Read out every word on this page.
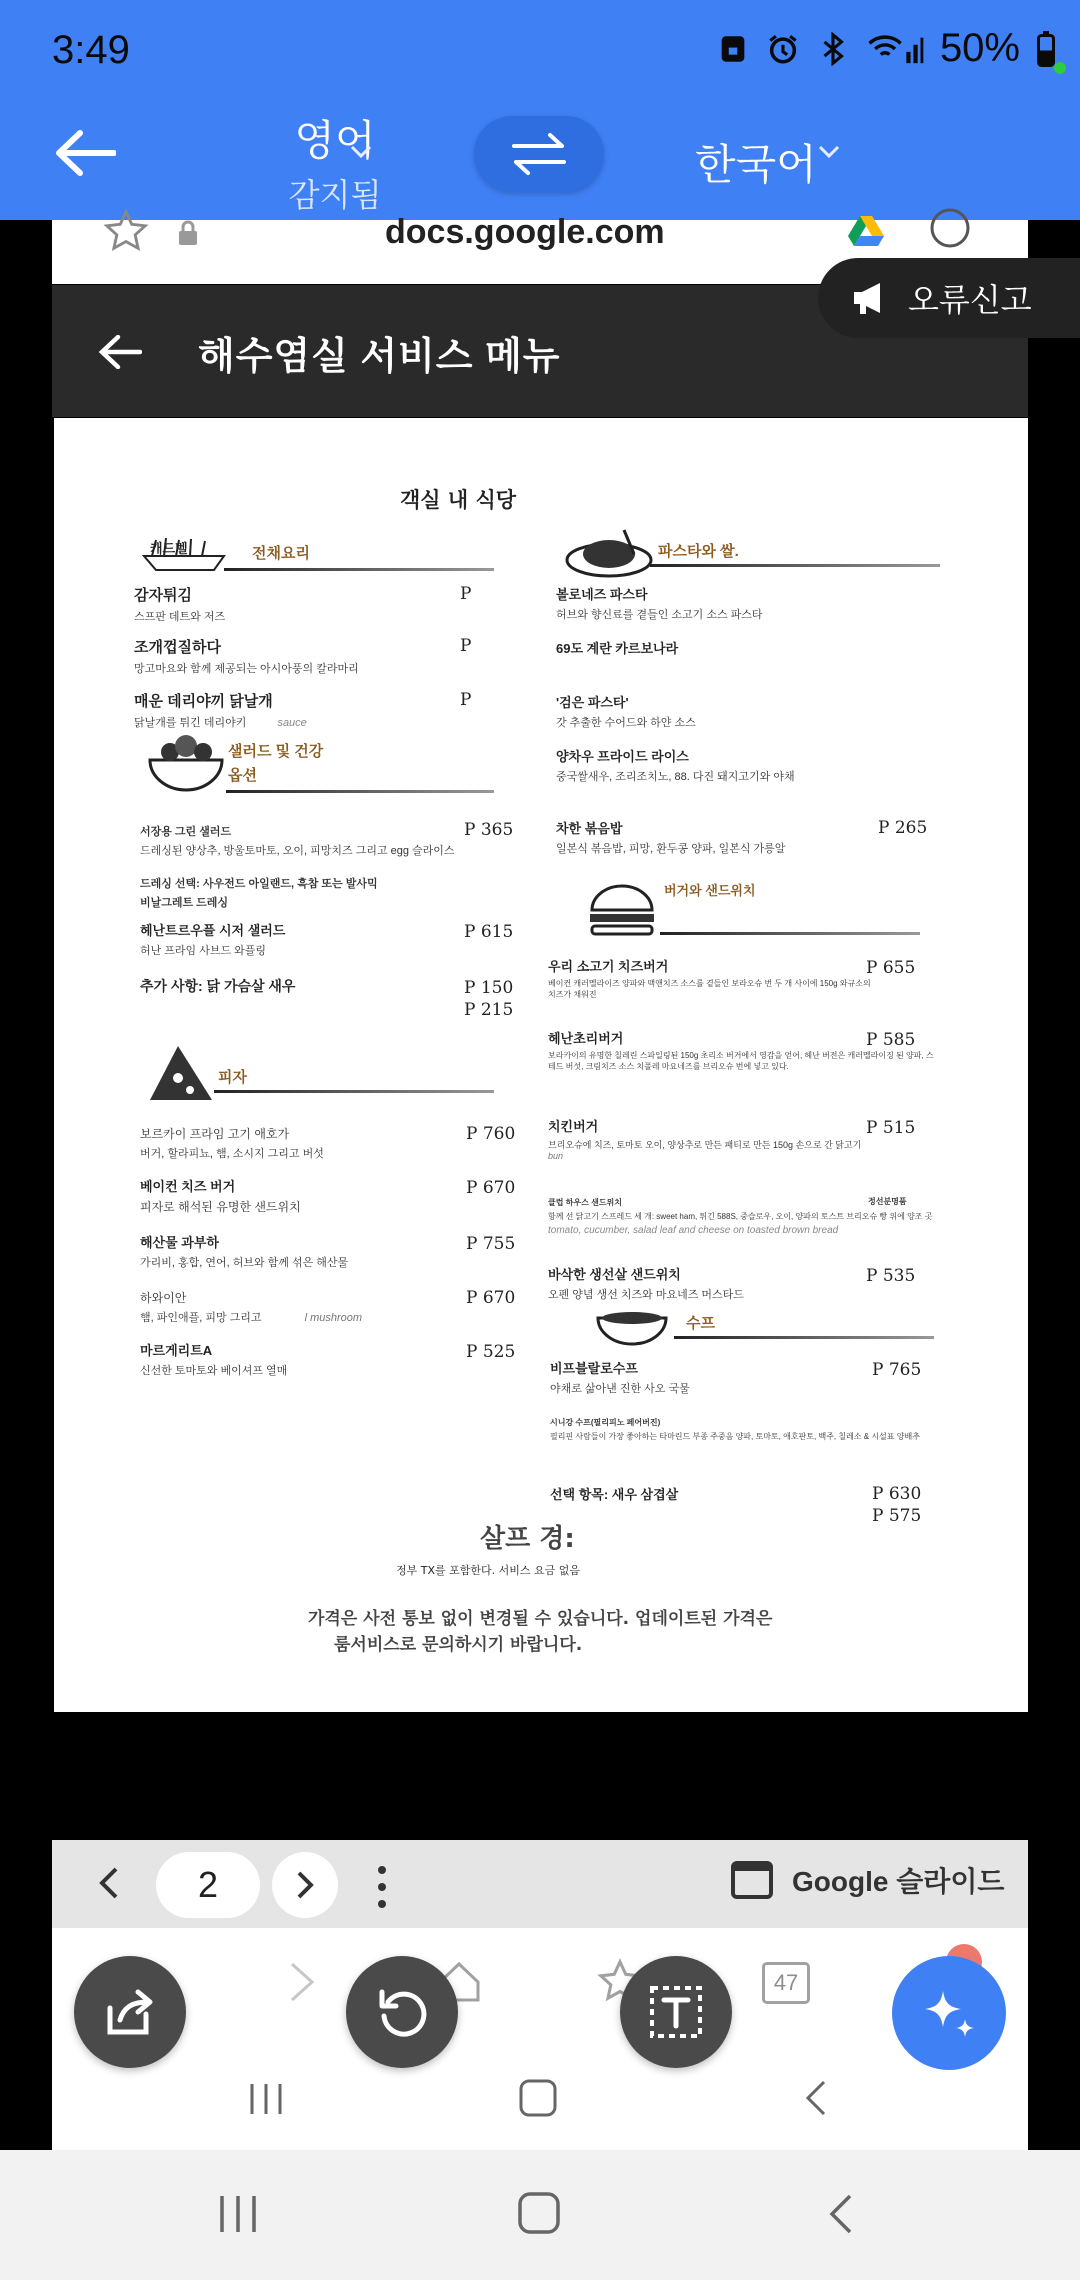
3:49	50%
영어
감지됨
한국어
docs.google.com
해수염실 서비스 메뉴
오류신고
객실 내 식당
캐드벨	전채요리
감자튀김
스프판 데트와 저즈
P
조개껍질하다
망고마요와 함께 제공되는 아시아풍의 칼라마리
P
매운 데리야끼 닭날개
닭날개를 튀긴 데리야키	sauce
P
샐러드 및 건강
옵션
서장용 그린 샐러드
드레싱된 양상추, 방울토마토, 오이, 피망치즈 그리고 egg 슬라이스
P 365
드레싱 선택: 사우전드 아일랜드, 흑참 또는 발사믹
비날그레트 드레싱
헤난트르우플 시저 샐러드
허난 프라임 사브드 와플링
P 615
추가 사항: 닭 가슴살 새우	P 150
P 215
피자
보르카이 프라임 고기 애호가
버거, 할라피뇨, 햄, 소시지 그리고 버섯
P 760
베이컨 치즈 버거
피자로 해석된 유명한 샌드위치
P 670
해산물 과부하
가리비, 홍합, 연어, 허브와 함께 섞은 해산물
P 755
하와이안
햄, 파인애플, 피망 그리고	l mushroom
P 670
마르게리트A
신선한 토마토와 베이셔프 열매
P 525
파스타와 쌀.
볼로네즈 파스타
허브와 향신료를 곁들인 소고기 소스 파스타
69도 계란 카르보나라
'검은 파스타'
갓 추출한 수어드와 하얀 소스
양차우 프라이드 라이스
중국쌀새우, 조리조치노, 88. 다진 돼지고기와 야채
차한 볶음밥
일본식 볶음밥, 피망, 환두콩 양파, 일본식 가릉알
P 265
버거와 샌드위치
우리 소고기 치즈버거
베이컨 캐러멜라이즈 양파와 맥앤치즈 소스를 곁들인 보라오슈 번 두 개 사이에 150g 와규소의 치즈가 채워진
P 655
헤난초리버거
보라카이의 유명한 칠레린 스파일링된 150g 초리소 버거에서 영감을 얻어, 헤난 버전은 캐러멜라이징 된 양파, 스테드 버섯, 크림치즈 소스 치폴레 마요네즈를 브리오슈 번에 넣고 있다.
P 585
치킨버거
브리오슈에 치즈, 토마토 오이, 양상추로 만든 패티로 만든 150g 손으로 간 닭고기 bun
P 515
클럽 하우스 샌드위치
항께 선 닭고기 스프레드 세 개: sweet ham, 튀긴 588S, 중슬로우, 오이, 양파의 토스트 브리오슈 빵 위에 양조 곳
tomato, cucumber, salad leaf and cheese on toasted brown bread
정선분명품
바삭한 생선살 샌드위치
오펜 양념 생선 치즈와 마요네즈 머스타드
P 535
수프
비프블랄로수프
야채로 삶아낸 진한 사오 국물
P 765
시니강 수프(필리피노 페어버진)
필리핀 사람들이 가장 좋아하는 타마린드 부종 주중음 양파, 토마토, 애호판토, 백주, 칠레소 & 시설표 양배추
선택 항목: 새우 삼겹살	P 630
P 575
살프 경:
정부 TX를 포함한다. 서비스 요금 없음
가격은 사전 통보 없이 변경될 수 있습니다. 업데이트된 가격은
룸서비스로 문의하시기 바랍니다.
2	Google 슬라이드
47
